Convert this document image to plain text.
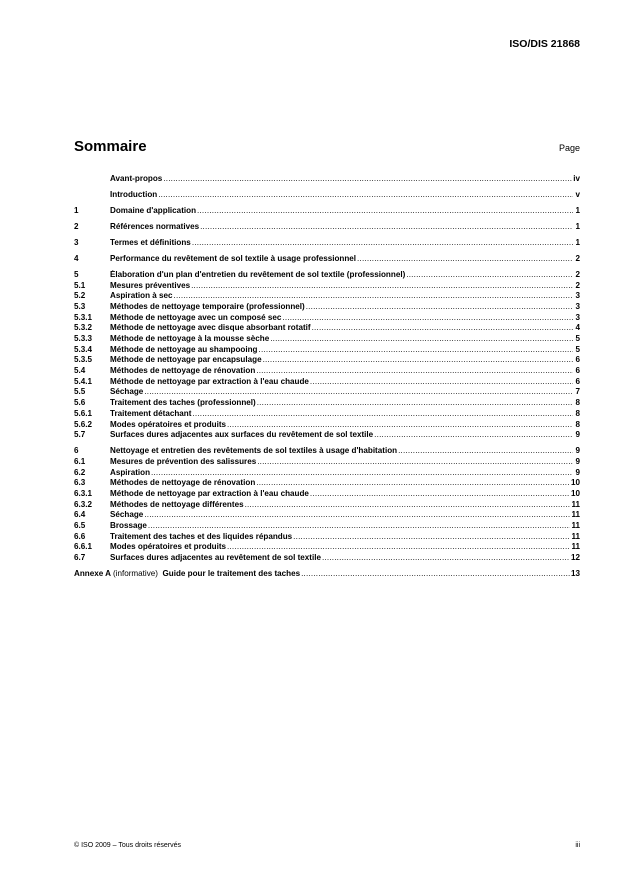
ISO/DIS 21868
Sommaire	Page
Avant-propos .....	iv
Introduction .....	v
1	Domaine d'application .....	1
2	Références normatives .....	1
3	Termes et définitions .....	1
4	Performance du revêtement de sol textile à usage professionnel .....	2
5	Élaboration d'un plan d'entretien du revêtement de sol textile (professionnel) .....	2
5.1	Mesures préventives .....	2
5.2	Aspiration à sec .....	3
5.3	Méthodes de nettoyage temporaire (professionnel) .....	3
5.3.1	Méthode de nettoyage avec un composé sec .....	3
5.3.2	Méthode de nettoyage avec disque absorbant rotatif .....	4
5.3.3	Méthode de nettoyage à la mousse sèche .....	5
5.3.4	Méthode de nettoyage au shampooing .....	5
5.3.5	Méthode de nettoyage par encapsulage .....	6
5.4	Méthodes de nettoyage de rénovation .....	6
5.4.1	Méthode de nettoyage par extraction à l'eau chaude .....	6
5.5	Séchage .....	7
5.6	Traitement des taches (professionnel) .....	8
5.6.1	Traitement détachant .....	8
5.6.2	Modes opératoires et produits .....	8
5.7	Surfaces dures adjacentes aux surfaces du revêtement de sol textile .....	9
6	Nettoyage et entretien des revêtements de sol textiles à usage d'habitation .....	9
6.1	Mesures de prévention des salissures .....	9
6.2	Aspiration .....	9
6.3	Méthodes de nettoyage de rénovation .....	10
6.3.1	Méthode de nettoyage par extraction à l'eau chaude .....	10
6.3.2	Méthodes de nettoyage différentes .....	11
6.4	Séchage .....	11
6.5	Brossage .....	11
6.6	Traitement des taches et des liquides répandus .....	11
6.6.1	Modes opératoires et produits .....	11
6.7	Surfaces dures adjacentes au revêtement de sol textile .....	12
Annexe A (informative) Guide pour le traitement des taches .....	13
© ISO 2009 – Tous droits réservés	iii
